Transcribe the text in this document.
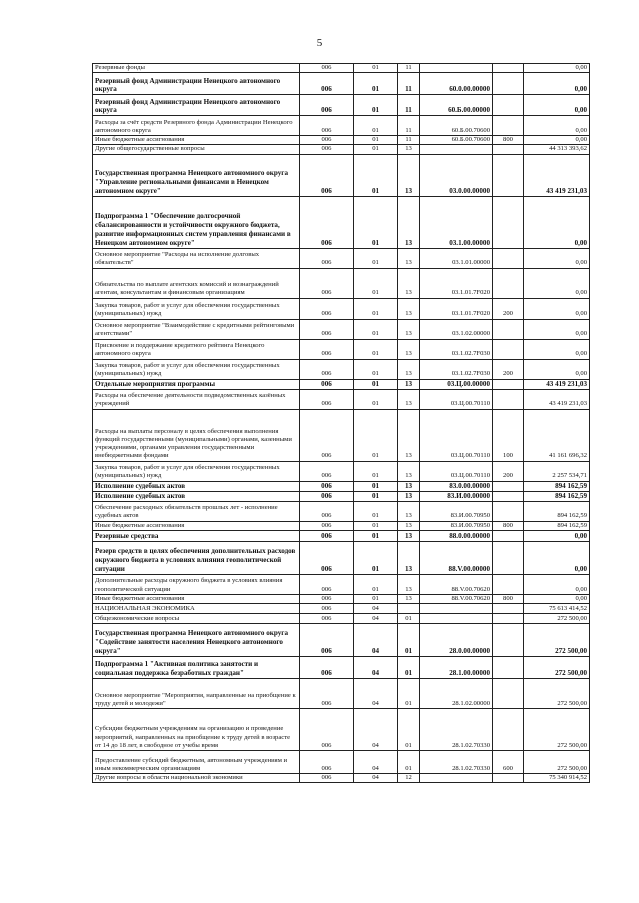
5
Резервные фонды	006	01	11			0,00
Резервный фонд Администрации Ненецкого автономного округа	006	01	11	60.0.00.00000		0,00
Резервный фонд Администрации Ненецкого автономного округа	006	01	11	60.Б.00.00000		0,00
Расходы за счёт средств Резервного фонда Администрации Ненецкого автономного округа	006	01	11	60.Б.00.70600		0,00
Иные бюджетные ассигнования	006	01	11	60.Б.00.70600	800	0,00
Другие общегосударственные вопросы	006	01	13			44 313 393,62
Государственная программа Ненецкого автономного округа "Управление региональными финансами в Ненецком автономном округе"	006	01	13	03.0.00.00000		43 419 231,03
Подпрограмма 1 "Обеспечение долгосрочной сбалансированности и устойчивости окружного бюджета, развитие информационных систем управления финансами в Ненецком автономном округе"	006	01	13	03.1.00.00000		0,00
Основное мероприятие "Расходы на исполнение долговых обязательств"	006	01	13	03.1.01.00000		0,00
Обязательства по выплате агентских комиссий и вознаграждений агентам, консультантам и финансовым организациям	006	01	13	03.1.01.7F020		0,00
Закупка товаров, работ и услуг для обеспечения государственных (муниципальных) нужд	006	01	13	03.1.01.7F020	200	0,00
Основное мероприятие "Взаимодействие с кредитными рейтинговыми агентствами"	006	01	13	03.1.02.00000		0,00
Присвоение и поддержание кредитного рейтинга Ненецкого автономного округа	006	01	13	03.1.02.7F030		0,00
Закупка товаров, работ и услуг для обеспечения государственных (муниципальных) нужд	006	01	13	03.1.02.7F030	200	0,00
Отдельные мероприятия программы	006	01	13	03.Ц.00.00000		43 419 231,03
Расходы на обеспечение деятельности подведомственных казённых учреждений	006	01	13	03.Ц.00.70110		43 419 231,03
Расходы на выплаты персоналу в целях обеспечения выполнения функций государственными (муниципальными) органами, казенными учреждениями, органами управления государственными внебюджетными фондами	006	01	13	03.Ц.00.70110	100	41 161 696,32
Закупка товаров, работ и услуг для обеспечения государственных (муниципальных) нужд	006	01	13	03.Ц.00.70110	200	2 257 534,71
Исполнение судебных актов	006	01	13	83.0.00.00000		894 162,59
Исполнение судебных актов	006	01	13	83.И.00.00000		894 162,59
Обеспечение расходных обязательств прошлых лет - исполнение судебных актов	006	01	13	83.И.00.70950		894 162,59
Иные бюджетные ассигнования	006	01	13	83.И.00.70950	800	894 162,59
Резервные средства	006	01	13	88.0.00.00000		0,00
Резерв средств в целях обеспечения дополнительных расходов окружного бюджета в условиях влияния геополитической ситуации	006	01	13	88.V.00.00000		0,00
Дополнительные расходы окружного бюджета в условиях влияния геополитической ситуации	006	01	13	88.V.00.70620		0,00
Иные бюджетные ассигнования	006	01	13	88.V.00.70620	800	0,00
НАЦИОНАЛЬНАЯ ЭКОНОМИКА	006	04				75 613 414,52
Общеэкономические вопросы	006	04	01			272 500,00
Государственная программа Ненецкого автономного округа "Содействие занятости населения Ненецкого автономного округа"	006	04	01	28.0.00.00000		272 500,00
Подпрограмма 1 "Активная политика занятости и социальная поддержка безработных граждан"	006	04	01	28.1.00.00000		272 500,00
Основное мероприятие "Мероприятия, направленные на приобщение к труду детей и молодежи"	006	04	01	28.1.02.00000		272 500,00
Субсидии бюджетным учреждениям на организацию и проведение мероприятий, направленных на приобщение к труду детей в возрасте от 14 до 18 лет, в свободное от учебы время	006	04	01	28.1.02.70330		272 500,00
Предоставление субсидий бюджетным, автономным учреждениям и иным некоммерческим организациям	006	04	01	28.1.02.70330	600	272 500,00
Другие вопросы в области национальной экономики	006	04	12			75 340 914,52
